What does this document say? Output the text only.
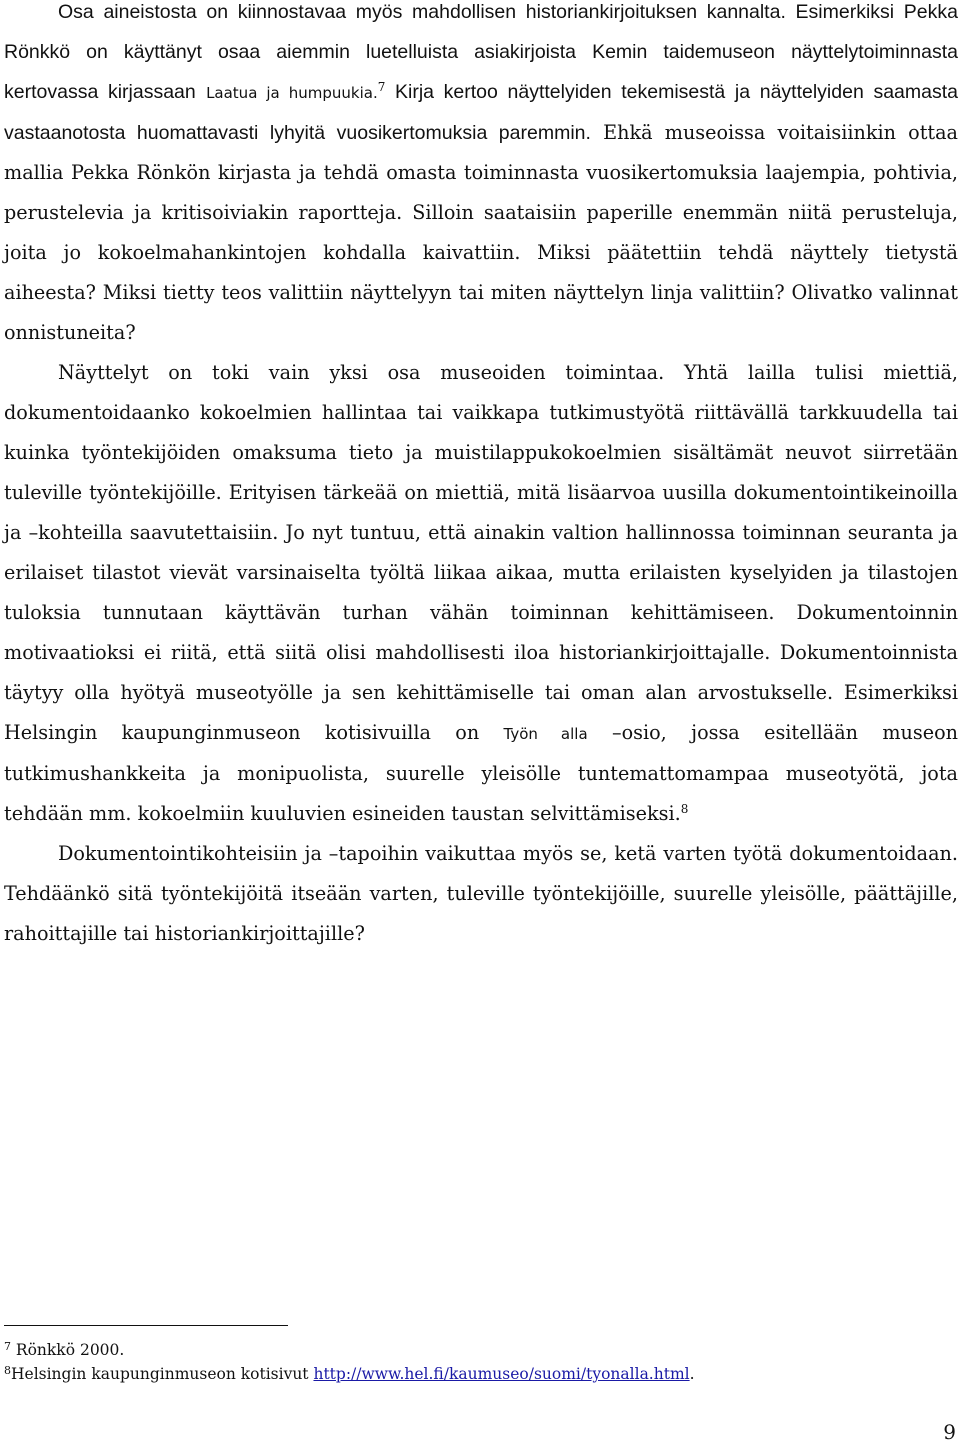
Osa aineistosta on kiinnostavaa myös mahdollisen historiankirjoituksen kannalta. Esimerkiksi Pekka Rönkkö on käyttänyt osaa aiemmin luetelluista asiakirjoista Kemin taidemuseon näyttelytoiminnasta kertovassa kirjassaan Laatua ja humpuukia.$^7$ Kirja kertoo näyttelyiden tekemisestä ja näyttelyiden saamasta vastaanotosta huomattavasti lyhyitä vuosikertomuksia paremmin. Ehkä museoissa voitaisiinkin ottaa mallia Pekka Rönkön kirjasta ja tehdä omasta toiminnasta vuosikertomuksia laajempia, pohtivia, perustelevia ja kritisoiviakin raportteja. Silloin saataisiin paperille enemmän niitä perusteluja, joita jo kokoelmahankintojen kohdalla kaivattiin. Miksi päätettiin tehdä näyttely tietystä aiheesta? Miksi tietty teos valittiin näyttelyyn tai miten näyttelyn linja valittiin? Olivatko valinnat onnistuneita?

Näyttelyt on toki vain yksi osa museoiden toimintaa. Yhtä lailla tulisi miettiä, dokumentoidaanko kokoelmien hallintaa tai vaikkapa tutkimustyötä riittävällä tarkkuudella tai kuinka työntekijöiden omaksuma tieto ja muistilappukokoelmien sisältämät neuvot siirretään tuleville työntekijöille. Erityisen tärkeää on miettiä, mitä lisäarvoa uusilla dokumentointikeinoilla ja –kohteilla saavutettaisiin. Jo nyt tuntuu, että ainakin valtion hallinnossa toiminnan seuranta ja erilaiset tilastot vievät varsinaiselta työltä liikaa aikaa, mutta erilaisten kyselyiden ja tilastojen tuloksia tunnutaan käyttävän turhan vähän toiminnan kehittämiseen. Dokumentoinnin motivaatioksi ei riitä, että siitä olisi mahdollisesti iloa historiankirjoittajalle. Dokumentoinnista täytyy olla hyötyä museotyölle ja sen kehittämiselle tai oman alan arvostukselle. Esimerkiksi Helsingin kaupunginmuseon kotisivuilla on Työn alla –osio, jossa esitellään museon tutkimushankkeita ja monipuolista, suurelle yleisölle tuntemattomampaa museotyötä, jota tehdään mm. kokoelmiin kuuluvien esineiden taustan selvittämiseksi.$^8$

Dokumentointikohteisiin ja –tapoihin vaikuttaa myös se, ketä varten työtä dokumentoidaan. Tehdäänkö sitä työntekijöitä itseään varten, tuleville työntekijöille, suurelle yleisölle, päättäjille, rahoittajille tai historiankirjoittajille?

$^7$ Rönkkö 2000.

$^8$Helsingin kaupunginmuseon kotisivut http://www.hel.fi/kaumuseo/suomi/tyonalla.html.

9
